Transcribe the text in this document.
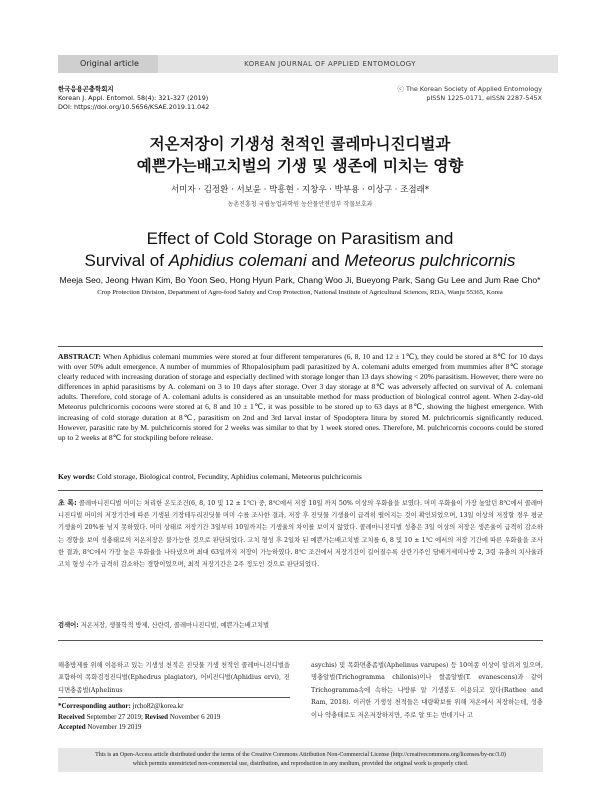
Original article	KOREAN JOURNAL OF APPLIED ENTOMOLOGY
한국응용곤충학회지
Korean J. Appl. Entomol. 58(4): 321-327 (2019)
DOI: https://doi.org/10.5656/KSAE.2019.11.042
ⓒ The Korean Society of Applied Entomology
pISSN 1225-0171, eISSN 2287-545X
저온저장이 기생성 천적인 콜레마니진디벌과
예쁜가는배고치벌의 기생 및 생존에 미치는 영향
서미자 · 김정환 · 서보윤 · 박흥현 · 지창우 · 박부용 · 이상구 · 조점래*
농촌진흥청 국립농업과학원 농산물안전성부 작물보호과
Effect of Cold Storage on Parasitism and
Survival of Aphidius colemani and Meteorus pulchricornis
Meeja Seo, Jeong Hwan Kim, Bo Yoon Seo, Hong Hyun Park, Chang Woo Ji, Bueyong Park, Sang Gu Lee and Jum Rae Cho*
Crop Protection Division, Department of Agro-food Safety and Crop Protection, National Institute of Agricultural Sciences, RDA, Wanju 55365, Korea
ABSTRACT: When Aphidius colemani mummies were stored at four different temperatures (6, 8, 10 and 12 ± 1℃), they could be stored at 8℃ for 10 days with over 50% adult emergence. A number of mummies of Rhopalosiphum padi parasitized by A. colemani adults emerged from mummies after 8℃ storage clearly reduced with increasing duration of storage and especially declined with storage longer than 13 days showing < 20% parasitism. However, there were no differences in aphid parasitisms by A. colemani on 3 to 10 days after storage. Over 3 day storage at 8℃ was adversely affected on survival of A. colemani adults. Therefore, cold storage of A. colemani adults is considered as an unsuitable method for mass production of biological control agent. When 2-day-old Meteorus pulchricornis cocoons were stored at 6, 8 and 10 ± 1℃, it was possible to be stored up to 63 days at 8℃, showing the highest emergence. With increasing of cold storage duration at 8℃, parasitism on 2nd and 3rd larval instar of Spodoptera litura by stored M. pulchricornis significantly reduced. However, parasitic rate by M. pulchricornis stored for 2 weeks was similar to that by 1 week stored ones. Therefore, M. pulchricornis cocoons could be stored up to 2 weeks at 8℃ for stockpiling before release.
Key words: Cold storage, Biological control, Fecundity, Aphidius colemani, Meteorus pulchricornis
초 록: 콜레마니진디벌 머미는 처리한 온도조건(6, 8, 10 및 12 ± 1℃) 중, 8℃에서 저장 10일 까지 50% 이상의 우화율을 보였다. 머미 우화율이 가장 높았던 8℃에서 콜레마니진디벌 머미의 저장기간에 따른 기생된 기장테두리진딧물 머미 수를 조사한 결과, 저장 후 진딧물 기생율이 급격히 떨어지는 것이 확인되었으며, 13일 이상의 저장할 경우 평균 기생율이 20%를 넘지 못하였다. 머미 상태로 저장기간 3일부터 10일까지는 기생율의 차이를 보이지 않았다. 콜레마니진디벌 성충은 3일 이상의 저장은 생존율이 급격히 감소하는 경향을 보여 성충태로의 저온저장은 불가능한 것으로 판단되었다. 고치 형성 후 2일차 된 예쁜가는배고치벌 고치를 6, 8 및 10 ± 1℃ 에서의 저장 기간에 따른 우화율을 조사한 결과, 8℃에서 가장 높은 우화율을 나타냈으며 최대 63일까지 저장이 가능하였다. 8℃ 조건에서 저장기간이 길어질수록 산란기주인 담배거세미나방 2, 3령 유충의 치사율과 고치 형성 수가 급격히 감소하는 경향이었으며, 최적 저장기간은 2주 정도인 것으로 판단되었다.
검색어: 저온저장, 생물학적 방제, 산란력, 콜레마니진디벌, 예쁜가는배고치벌
해충방제를 위해 이용하고 있는 기생성 천적은 진딧물 기생 천적인 콜레마니진디벌을 포함하여 목화검정진디벌(Ephedrus plagiator), 어비진디벌(Aphidius ervi), 진디면충좀벌(Aphelinus
asychis) 및 목화면충좀벌(Aphelinus varupes) 등 10여종 이상이 알려져 있으며, 명충알벌(Trichogramma chilonis)이나 쌀좀알벌(T. evanescens)과 같이 Trichogramma속에 속하는 나방류 알 기생봉도 이용되고 있다(Rathee and Ram, 2018). 이러한 기생성 천적들은 대량확보를 위해 저온에서 저장하는데, 성충이나 약충태로도 저온저장하지만, 주로 알 또는 번데기나 고
*Corresponding author: jrcho82@korea.kr
Received September 27 2019; Revised November 6 2019
Accepted November 19 2019
This is an Open-Access article distributed under the terms of the Creative Commons Attribution Non-Commercial License (http://creativecommons.org/licenses/by-nc/3.0)
which permits unrestricted non-commercial use, distribution, and reproduction in any medium, provided the original work is properly cited.
